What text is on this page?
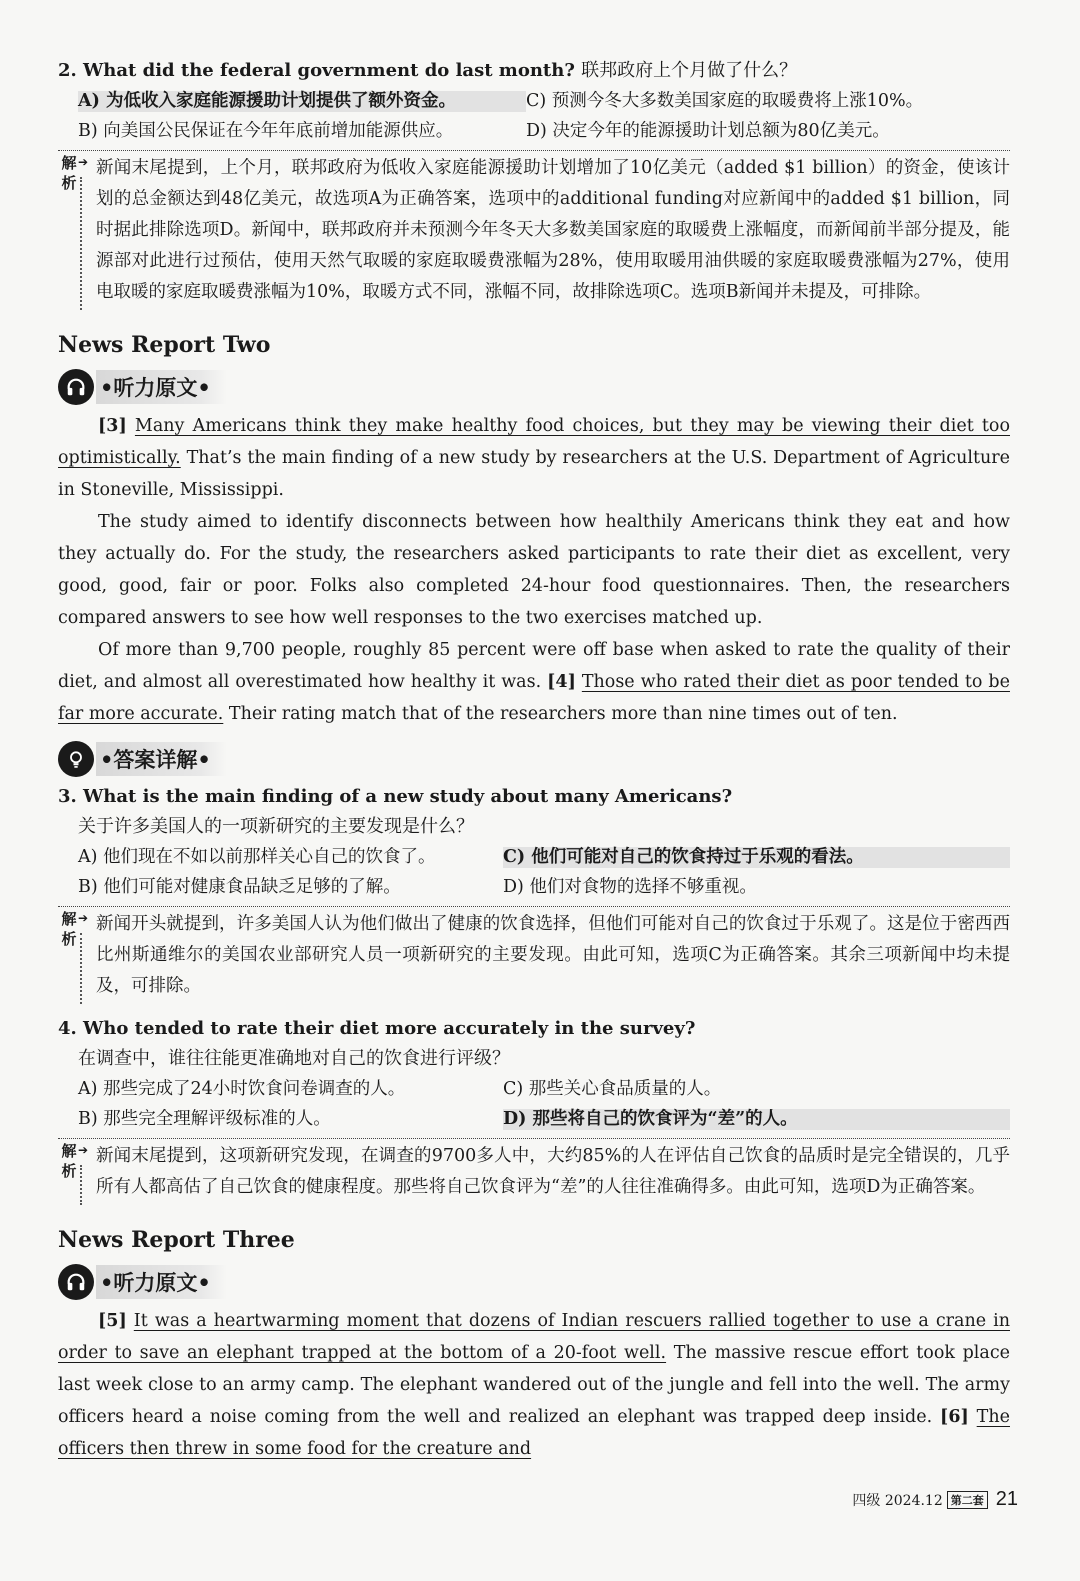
2. What did the federal government do last month? 联邦政府上个月做了什么？
A) 为低收入家庭能源援助计划提供了额外资金。	C) 预测今冬大多数美国家庭的取暖费将上涨10%。
B) 向美国公民保证在今年年底前增加能源供应。	D) 决定今年的能源援助计划总额为80亿美元。
解析
➔ 新闻末尾提到，上个月，联邦政府为低收入家庭能源援助计划增加了10亿美元（added $1 billion）的资金，使该计划的总金额达到48亿美元，故选项A为正确答案，选项中的additional funding对应新闻中的added $1 billion，同时据此排除选项D。新闻中，联邦政府并未预测今年冬天大多数美国家庭的取暖费上涨幅度，而新闻前半部分提及，能源部对此进行过预估，使用天然气取暖的家庭取暖费涨幅为28%，使用取暖用油供暖的家庭取暖费涨幅为27%，使用电取暖的家庭取暖费涨幅为10%，取暖方式不同，涨幅不同，故排除选项C。选项B新闻并未提及，可排除。
News Report Two
•听力原文•
[3] Many Americans think they make healthy food choices, but they may be viewing their diet too optimistically. That’s the main finding of a new study by researchers at the U.S. Department of Agriculture in Stoneville, Mississippi.
The study aimed to identify disconnects between how healthily Americans think they eat and how they actually do. For the study, the researchers asked participants to rate their diet as excellent, very good, good, fair or poor. Folks also completed 24-hour food questionnaires. Then, the researchers compared answers to see how well responses to the two exercises matched up.
Of more than 9,700 people, roughly 85 percent were off base when asked to rate the quality of their diet, and almost all overestimated how healthy it was. [4] Those who rated their diet as poor tended to be far more accurate. Their rating match that of the researchers more than nine times out of ten.
•答案详解•
3. What is the main finding of a new study about many Americans?
关于许多美国人的一项新研究的主要发现是什么？
A) 他们现在不如以前那样关心自己的饮食了。	C) 他们可能对自己的饮食持过于乐观的看法。
B) 他们可能对健康食品缺乏足够的了解。	D) 他们对食物的选择不够重视。
解析
➔ 新闻开头就提到，许多美国人认为他们做出了健康的饮食选择，但他们可能对自己的饮食过于乐观了。这是位于密西西比州斯通维尔的美国农业部研究人员一项新研究的主要发现。由此可知，选项C为正确答案。其余三项新闻中均未提及，可排除。
4. Who tended to rate their diet more accurately in the survey?
在调查中，谁往往能更准确地对自己的饮食进行评级？
A) 那些完成了24小时饮食问卷调查的人。	C) 那些关心食品质量的人。
B) 那些完全理解评级标准的人。	D) 那些将自己的饮食评为“差”的人。
解析
➔ 新闻末尾提到，这项新研究发现，在调查的9700多人中，大约85%的人在评估自己饮食的品质时是完全错误的，几乎所有人都高估了自己饮食的健康程度。那些将自己饮食评为“差”的人往往准确得多。由此可知，选项D为正确答案。
News Report Three
•听力原文•
[5] It was a heartwarming moment that dozens of Indian rescuers rallied together to use a crane in order to save an elephant trapped at the bottom of a 20-foot well. The massive rescue effort took place last week close to an army camp. The elephant wandered out of the jungle and fell into the well. The army officers heard a noise coming from the well and realized an elephant was trapped deep inside. [6] The officers then threw in some food for the creature and
四级 2024.12 第二套 21
